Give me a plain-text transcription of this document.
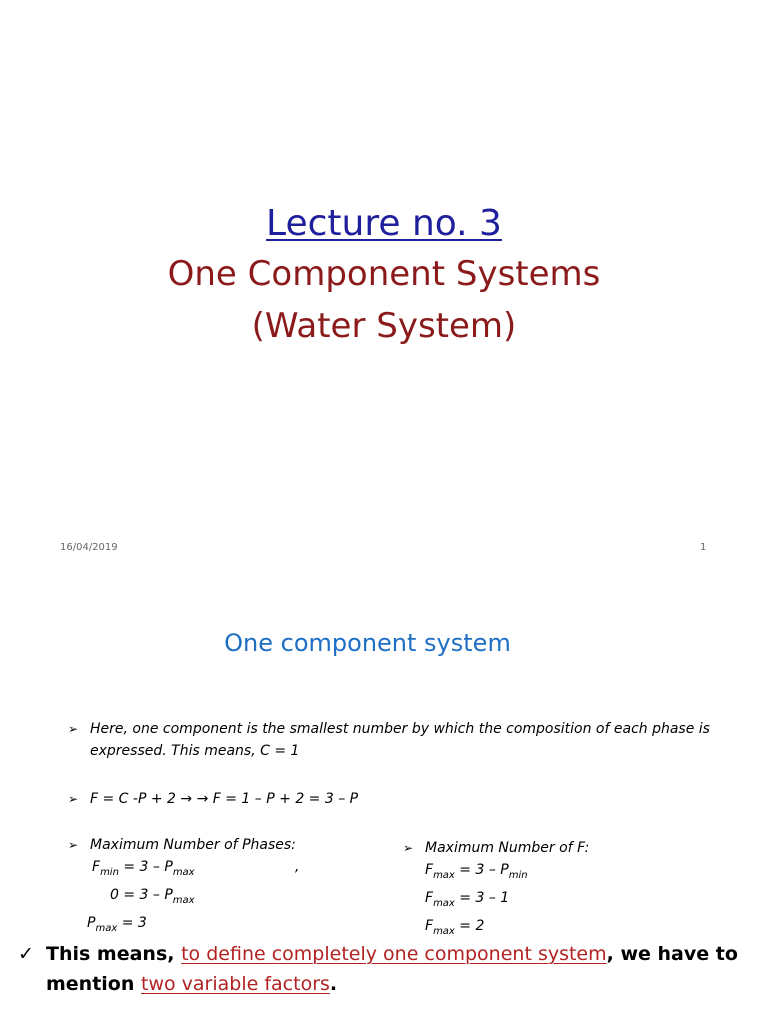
Lecture no. 3
One Component Systems
(Water System)
16/04/2019	1
One component system
➢ Here, one component is the smallest number by which the composition of each phase is expressed. This means, C = 1
➢ F = C -P + 2 → → F = 1 – P + 2 = 3 – P
➢ Maximum Number of Phases:
$F_{min} = 3 - P_{max}$	,
$0 = 3 - P_{max}$
$P_{max} = 3$
➢ Maximum Number of F:
$F_{max} = 3 - P_{min}$
$F_{max} = 3 - 1$
$F_{max} = 2$
✓ This means, to define completely one component system, we have to mention two variable factors.
